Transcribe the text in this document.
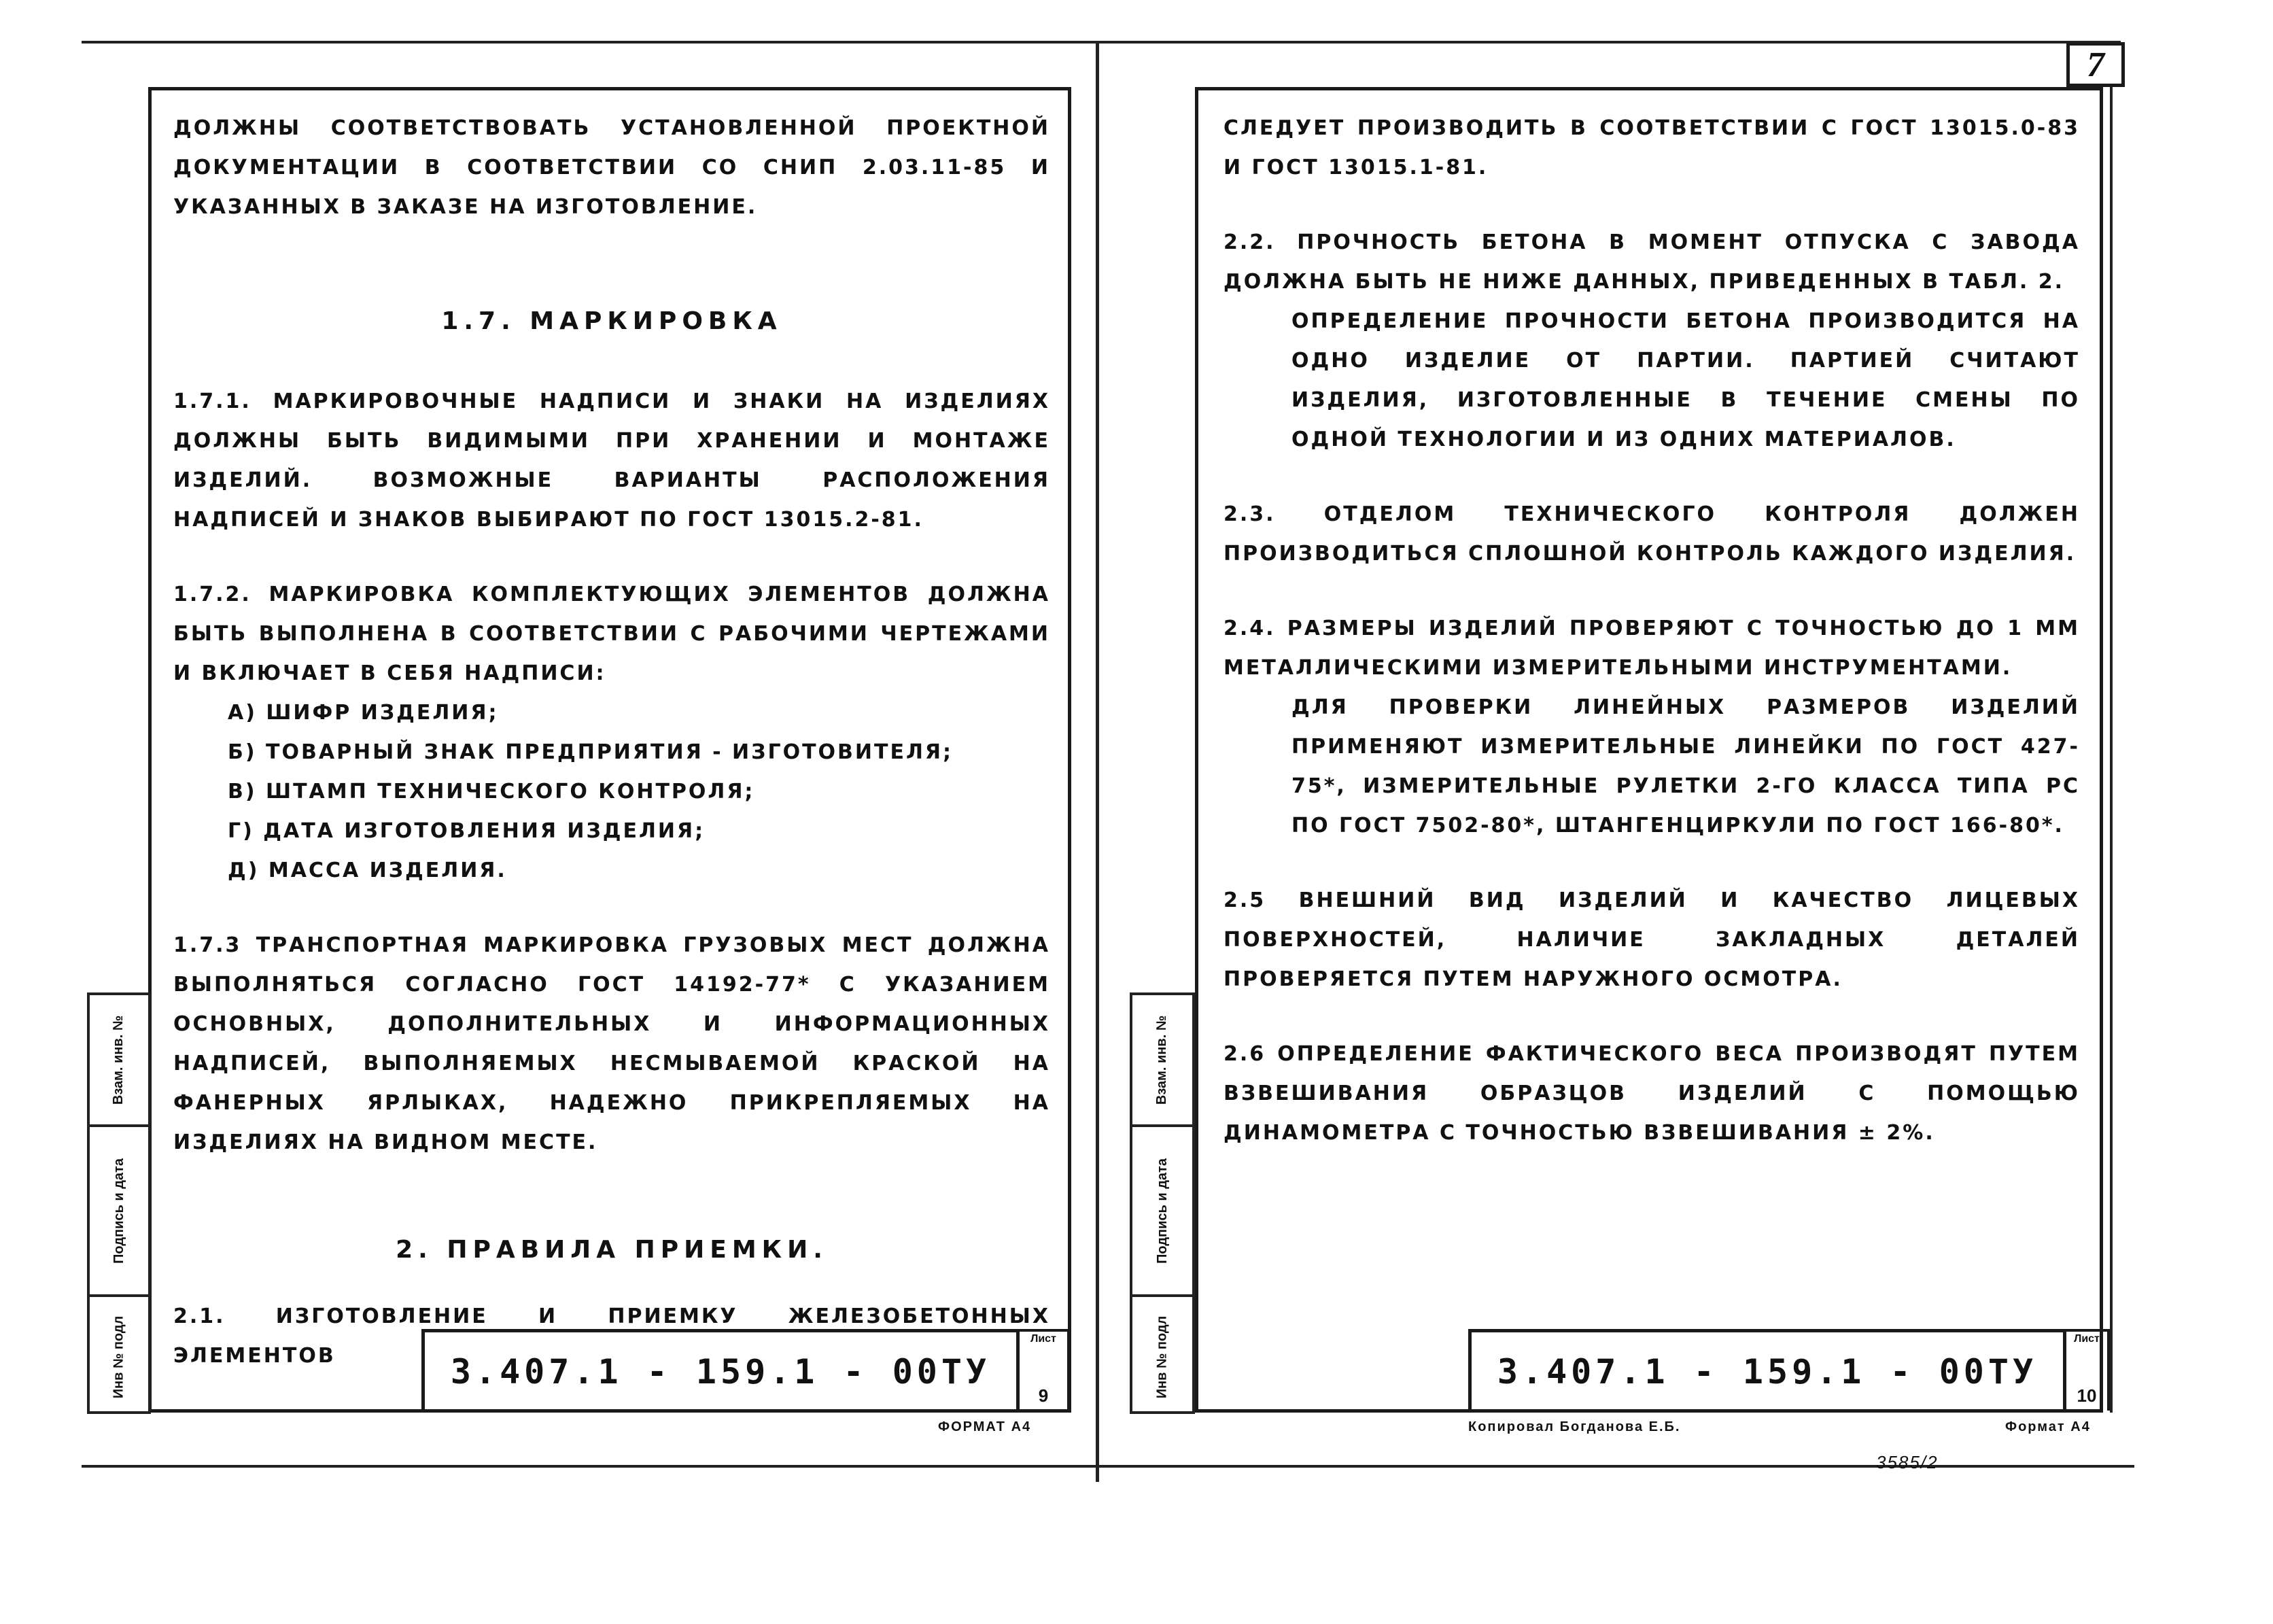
7
Инв № подл
Подпись и дата
Взам. инв. №

ДОЛЖНЫ СООТВЕТСТВОВАТЬ УСТАНОВЛЕННОЙ ПРОЕКТНОЙ ДОКУМЕНТАЦИИ В СООТВЕТСТВИИ СО СНИП 2.03.11-85 И УКАЗАННЫХ В ЗАКАЗЕ НА ИЗГОТОВЛЕНИЕ.

1.7. МАРКИРОВКА

1.7.1. МАРКИРОВОЧНЫЕ НАДПИСИ И ЗНАКИ НА ИЗДЕЛИЯХ ДОЛЖНЫ БЫТЬ ВИДИМЫМИ ПРИ ХРАНЕНИИ И МОНТАЖЕ ИЗДЕЛИЙ. ВОЗМОЖНЫЕ ВАРИАНТЫ РАСПОЛОЖЕНИЯ НАДПИСЕЙ И ЗНАКОВ ВЫБИРАЮТ ПО ГОСТ 13015.2-81.

1.7.2. МАРКИРОВКА КОМПЛЕКТУЮЩИХ ЭЛЕМЕНТОВ ДОЛЖНА БЫТЬ ВЫПОЛНЕНА В СООТВЕТСТВИИ С РАБОЧИМИ ЧЕРТЕЖАМИ И ВКЛЮЧАЕТ В СЕБЯ НАДПИСИ:

А) ШИФР ИЗДЕЛИЯ;

Б) ТОВАРНЫЙ ЗНАК ПРЕДПРИЯТИЯ - ИЗГОТОВИТЕЛЯ;

В) ШТАМП ТЕХНИЧЕСКОГО КОНТРОЛЯ;

Г) ДАТА ИЗГОТОВЛЕНИЯ ИЗДЕЛИЯ;

Д) МАССА ИЗДЕЛИЯ.

1.7.3 ТРАНСПОРТНАЯ МАРКИРОВКА ГРУЗОВЫХ МЕСТ ДОЛЖНА ВЫПОЛНЯТЬСЯ СОГЛАСНО ГОСТ 14192-77* С УКАЗАНИЕМ ОСНОВНЫХ, ДОПОЛНИТЕЛЬНЫХ И ИНФОРМАЦИОННЫХ НАДПИСЕЙ, ВЫПОЛНЯЕМЫХ НЕСМЫВАЕМОЙ КРАСКОЙ НА ФАНЕРНЫХ ЯРЛЫКАХ, НАДЕЖНО ПРИКРЕПЛЯЕМЫХ НА ИЗДЕЛИЯХ НА ВИДНОМ МЕСТЕ.

2. ПРАВИЛА ПРИЕМКИ.

2.1. ИЗГОТОВЛЕНИЕ И ПРИЕМКУ ЖЕЛЕЗОБЕТОННЫХ ЭЛЕМЕНТОВ	3.407.1 - 159.1 - 00ТУ
Лист
9
ФОРМАТ А4
Инв № подл
Подпись и дата
Взам. инв. №

СЛЕДУЕТ ПРОИЗВОДИТЬ В СООТВЕТСТВИИ С ГОСТ 13015.0-83 И ГОСТ 13015.1-81.

2.2. ПРОЧНОСТЬ БЕТОНА В МОМЕНТ ОТПУСКА С ЗАВОДА ДОЛЖНА БЫТЬ НЕ НИЖЕ ДАННЫХ, ПРИВЕДЕННЫХ В ТАБЛ. 2.

ОПРЕДЕЛЕНИЕ ПРОЧНОСТИ БЕТОНА ПРОИЗВОДИТСЯ НА ОДНО ИЗДЕЛИЕ ОТ ПАРТИИ. ПАРТИЕЙ СЧИТАЮТ ИЗДЕЛИЯ, ИЗГОТОВЛЕННЫЕ В ТЕЧЕНИЕ СМЕНЫ ПО ОДНОЙ ТЕХНОЛОГИИ И ИЗ ОДНИХ МАТЕРИАЛОВ.

2.3. ОТДЕЛОМ ТЕХНИЧЕСКОГО КОНТРОЛЯ ДОЛЖЕН ПРОИЗВОДИТЬСЯ СПЛОШНОЙ КОНТРОЛЬ КАЖДОГО ИЗДЕЛИЯ.

2.4. РАЗМЕРЫ ИЗДЕЛИЙ ПРОВЕРЯЮТ С ТОЧНОСТЬЮ ДО 1 ММ МЕТАЛЛИЧЕСКИМИ ИЗМЕРИТЕЛЬНЫМИ ИНСТРУМЕНТАМИ.

ДЛЯ ПРОВЕРКИ ЛИНЕЙНЫХ РАЗМЕРОВ ИЗДЕЛИЙ ПРИМЕНЯЮТ ИЗМЕРИТЕЛЬНЫЕ ЛИНЕЙКИ ПО ГОСТ 427-75*, ИЗМЕРИТЕЛЬНЫЕ РУЛЕТКИ 2-ГО КЛАССА ТИПА РС ПО ГОСТ 7502-80*, ШТАНГЕНЦИРКУЛИ ПО ГОСТ 166-80*.

2.5 ВНЕШНИЙ ВИД ИЗДЕЛИЙ И КАЧЕСТВО ЛИЦЕВЫХ ПОВЕРХНОСТЕЙ, НАЛИЧИЕ ЗАКЛАДНЫХ ДЕТАЛЕЙ ПРОВЕРЯЕТСЯ ПУТЕМ НАРУЖНОГО ОСМОТРА.

2.6 ОПРЕДЕЛЕНИЕ ФАКТИЧЕСКОГО ВЕСА ПРОИЗВОДЯТ ПУТЕМ ВЗВЕШИВАНИЯ ОБРАЗЦОВ ИЗДЕЛИЙ С ПОМОЩЬЮ ДИНАМОМЕТРА С ТОЧНОСТЬЮ ВЗВЕШИВАНИЯ ± 2%.

3.407.1 - 159.1 - 00ТУ
Лист
10
Копировал Богданова Е.Б.	Формат А4
3585/2
